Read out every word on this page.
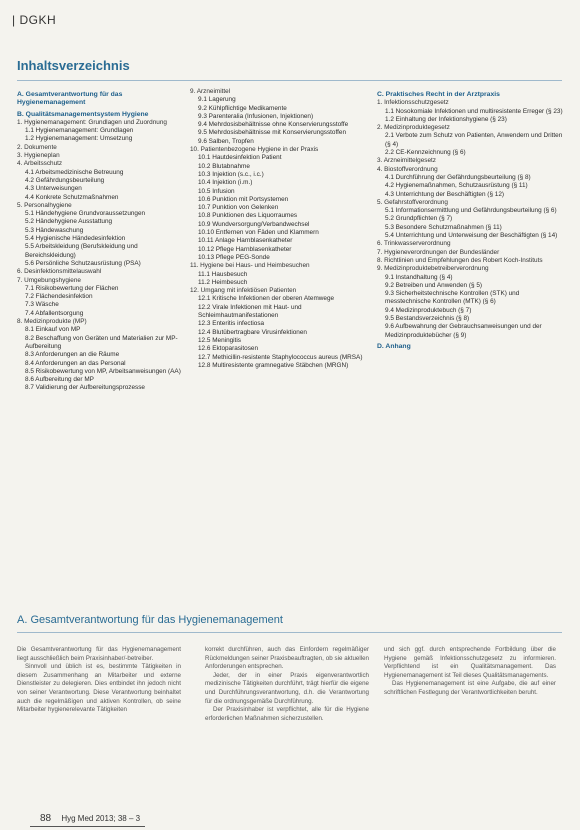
| DGKH
Inhaltsverzeichnis
A. Gesamtverantwortung für das Hygienemanagement
B. Qualitätsmanagementsystem Hygiene
1. Hygienemanagement: Grundlagen und Zuordnung
1.1 Hygienemanagement: Grundlagen
1.2 Hygienemanagement: Umsetzung
2. Dokumente
3. Hygieneplan
4. Arbeitsschutz
4.1 Arbeitsmedizinische Betreuung
4.2 Gefährdungsbeurteilung
4.3 Unterweisungen
4.4 Konkrete Schutzmaßnahmen
5. Personalhygiene
5.1 Händehygiene Grundvoraussetzungen
5.2 Händehygiene Ausstattung
5.3 Händewaschung
5.4 Hygienische Händedesinfektion
5.5 Arbeitskleidung (Berufskleidung und Bereichskleidung)
5.6 Persönliche Schutzausrüstung (PSA)
6. Desinfektionsmittelauswahl
7. Umgebungshygiene
7.1 Risikobewertung der Flächen
7.2 Flächendesinfektion
7.3 Wäsche
7.4 Abfallentsorgung
8. Medizinprodukte (MP)
8.1 Einkauf von MP
8.2 Beschaffung von Geräten und Materialien zur MP-Aufbereitung
8.3 Anforderungen an die Räume
8.4 Anforderungen an das Personal
8.5 Risikobewertung von MP, Arbeitsanweisungen (AA)
8.6 Aufbereitung der MP
8.7 Validierung der Aufbereitungsprozesse
9. Arzneimittel
9.1 Lagerung
9.2 Kühlpflichtige Medikamente
9.3 Parenteralia (Infusionen, Injektionen)
9.4 Mehrdosisbehältnisse ohne Konservierungsstoffe
9.5 Mehrdosisbehältnisse mit Konservierungsstoffen
9.6 Salben, Tropfen
10. Patientenbezogene Hygiene in der Praxis
10.1 Hautdesinfektion Patient
10.2 Blutabnahme
10.3 Injektion (s.c., i.c.)
10.4 Injektion (i.m.)
10.5 Infusion
10.6 Punktion mit Portsystemen
10.7 Punktion von Gelenken
10.8 Punktionen des Liquorraumes
10.9 Wundversorgung/Verbandwechsel
10.10 Entfernen von Fäden und Klammern
10.11 Anlage Harnblasenkatheter
10.12 Pflege Harnblasenkatheter
10.13 Pflege PEG-Sonde
11. Hygiene bei Haus- und Heimbesuchen
11.1 Hausbesuch
11.2 Heimbesuch
12. Umgang mit infektiösen Patienten
12.1 Kritische Infektionen der oberen Atemwege
12.2 Virale Infektionen mit Haut- und Schleimhautmanifestationen
12.3 Enteritis infectiosa
12.4 Blutübertragbare Virusinfektionen
12.5 Meningitis
12.6 Ektoparasitosen
12.7 Methicillin-resistente Staphylococcus aureus (MRSA)
12.8 Multiresistente gramnegative Stäbchen (MRGN)
C. Praktisches Recht in der Arztpraxis
1. Infektionsschutzgesetz
1.1 Nosokomiale Infektionen und multiresistente Erreger (§ 23)
1.2 Einhaltung der Infektionshygiene (§ 23)
2. Medizinproduktegesetz
2.1 Verbote zum Schutz von Patienten, Anwendern und Dritten (§ 4)
2.2 CE-Kennzeichnung (§ 6)
3. Arzneimittelgesetz
4. Biostoffverordnung
4.1 Durchführung der Gefährdungsbeurteilung (§ 8)
4.2 Hygienemaßnahmen, Schutzausrüstung (§ 11)
4.3 Unterrichtung der Beschäftigten (§ 12)
5. Gefahrstoffverordnung
5.1 Informationsermittlung und Gefährdungsbeurteilung (§ 6)
5.2 Grundpflichten (§ 7)
5.3 Besondere Schutzmaßnahmen (§ 11)
5.4 Unterrichtung und Unterweisung der Beschäftigten (§ 14)
6. Trinkwasserverordnung
7. Hygieneverordnungen der Bundesländer
8. Richtlinien und Empfehlungen des Robert Koch-Instituts
9. Medizinproduktebetreiberverordnung
9.1 Instandhaltung (§ 4)
9.2 Betreiben und Anwenden (§ 5)
9.3 Sicherheitstechnische Kontrollen (STK) und messtechnische Kontrollen (MTK) (§ 6)
9.4 Medizinproduktebuch (§ 7)
9.5 Bestandsverzeichnis (§ 8)
9.6 Aufbewahrung der Gebrauchsanweisungen und der Medizinproduktebücher (§ 9)
D. Anhang
A. Gesamtverantwortung für das Hygienemanagement

Die Gesamtverantwortung für das Hygienemanagement liegt ausschließlich beim Praxisinhaber/-betreiber.

Sinnvoll und üblich ist es, bestimmte Tätigkeiten in diesem Zusammenhang an Mitarbeiter und externe Dienstleister zu delegieren. Dies entbindet ihn jedoch nicht von seiner Verantwortung. Diese Verantwortung beinhaltet auch die regelmäßigen und aktiven Kontrollen, ob seine Mitarbeiter hygienerelevante Tätigkeiten

korrekt durchführen, auch das Einfordern regelmäßiger Rückmeldungen seiner Praxisbeauftragten, ob sie aktuellen Anforderungen entsprechen.

Jeder, der in einer Praxis eigenverantwortlich medizinische Tätigkeiten durchführt, trägt hierfür die eigene und Durchführungsverantwortung, d.h. die Verantwortung für die ordnungsgemäße Durchführung.

Der Praxisinhaber ist verpflichtet, alle für die Hygiene erforderlichen Maßnahmen sicherzustellen.

und sich ggf. durch entsprechende Fortbildung über die Hygiene gemäß Infektionsschutzgesetz zu informieren. Verpflichtend ist ein Qualitätsmanagement. Das Hygienemanagement ist Teil dieses Qualitätsmanagements.

Das Hygienemanagement ist eine Aufgabe, die auf einer schriftlichen Festlegung der Verantwortlichkeiten beruht.

88 Hyg Med 2013; 38 – 3
